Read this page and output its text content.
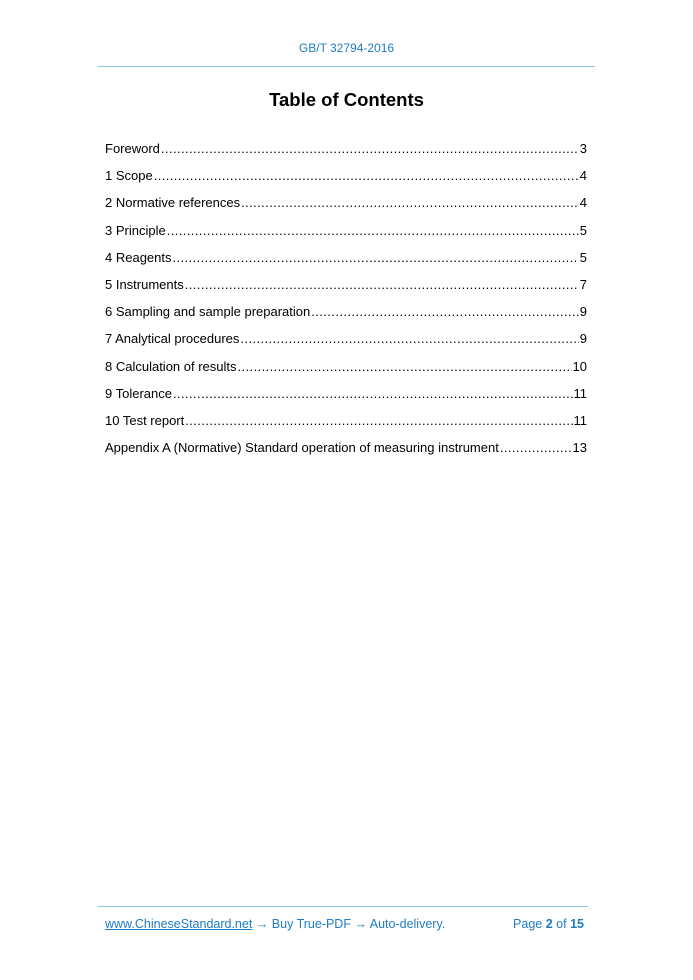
GB/T 32794-2016
Table of Contents
Foreword .....	3
1 Scope .....	4
2 Normative references .....	4
3 Principle .....	5
4 Reagents .....	5
5 Instruments .....	7
6 Sampling and sample preparation .....	9
7 Analytical procedures .....	9
8 Calculation of results .....	10
9 Tolerance .....	11
10 Test report .....	11
Appendix A (Normative) Standard operation of measuring instrument .....	13
www.ChineseStandard.net → Buy True-PDF → Auto-delivery.	Page 2 of 15
